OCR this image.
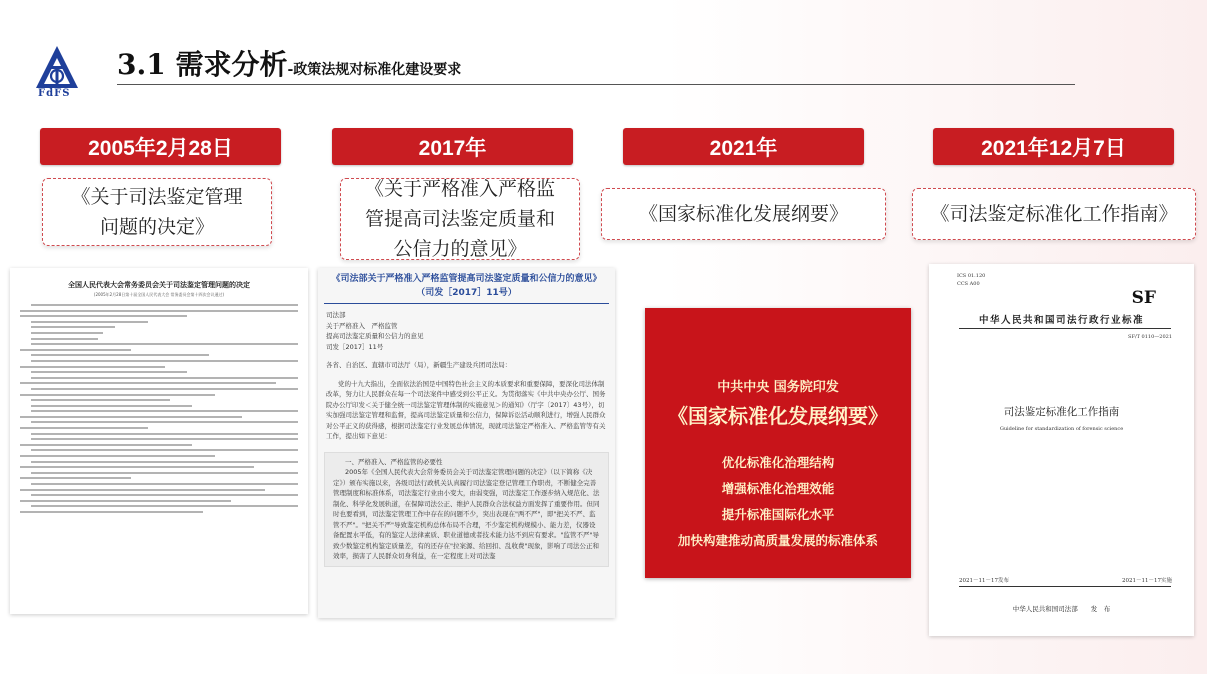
FdFS
3.1 需求分析-政策法规对标准化建设要求
2005年2月28日	2017年	2021年	2021年12月7日
《关于司法鉴定管理问题的决定》
《关于严格准入严格监管提高司法鉴定质量和公信力的意见》
《国家标准化发展纲要》	《司法鉴定标准化工作指南》
全国人民代表大会常务委员会关于司法鉴定管理问题的决定
(2005年2月28日第十届全国人民代表大会 常务委员会第十四次会议通过)
《司法部关于严格准入严格监管提高司法鉴定质量和公信力的意见》（司发［2017］11号）
司法部
关于严格准入　严格监管
提高司法鉴定质量和公信力的意见
司发［2017］11号
各省、自治区、直辖市司法厅（局），新疆生产建设兵团司法局：
党的十九大指出，全面依法治国是中国特色社会主义的本质要求和重要保障，要深化司法体制改革，努力让人民群众在每一个司法案件中感受到公平正义。为贯彻落实《中共中央办公厅、国务院办公厅印发＜关于健全统一司法鉴定管理体制的实施意见＞的通知》（厅字〔2017〕43号），切实加强司法鉴定管理和监督，提高司法鉴定质量和公信力，保障诉讼活动顺利进行，增强人民群众对公平正义的获得感，根据司法鉴定行业发展总体情况，现就司法鉴定严格准入、严格监管等有关工作，提出如下意见：
一、严格准入、严格监管的必要性
2005年《全国人民代表大会常务委员会关于司法鉴定管理问题的决定》（以下简称《决定》）颁布实施以来，各级司法行政机关认真履行司法鉴定登记管理工作职责，不断健全完善管理制度和标准体系，司法鉴定行业由小变大，由弱变强，司法鉴定工作逐步纳入规范化、法制化、科学化发展轨道，在保障司法公正、维护人民群众合法权益方面发挥了重要作用。但同时也要看到，司法鉴定管理工作中存在的问题不少，突出表现在"两不严"，即"把关不严、监管不严"。"把关不严"导致鉴定机构总体布局不合理，不少鉴定机构规模小、能力差，仪器设备配置水平低，有的鉴定人法律素质、职业道德或者技术能力达不到应有要求。"监管不严"导致少数鉴定机构鉴定质量差，有的还存在"拉案源、给回扣、乱收费"现象，影响了司法公正和效率，损害了人民群众切身利益，在一定程度上对司法鉴
中共中央 国务院印发
《国家标准化发展纲要》
优化标准化治理结构
增强标准化治理效能
提升标准国际化水平
加快构建推动高质量发展的标准体系
ICS 01.120
CCS A00
SF
中华人民共和国司法行政行业标准
SF/T 0110—2021
司法鉴定标准化工作指南
Guideline for standardization of forensic science
2021－11－17发布	2021－11－17实施
中华人民共和国司法部　　发　布
